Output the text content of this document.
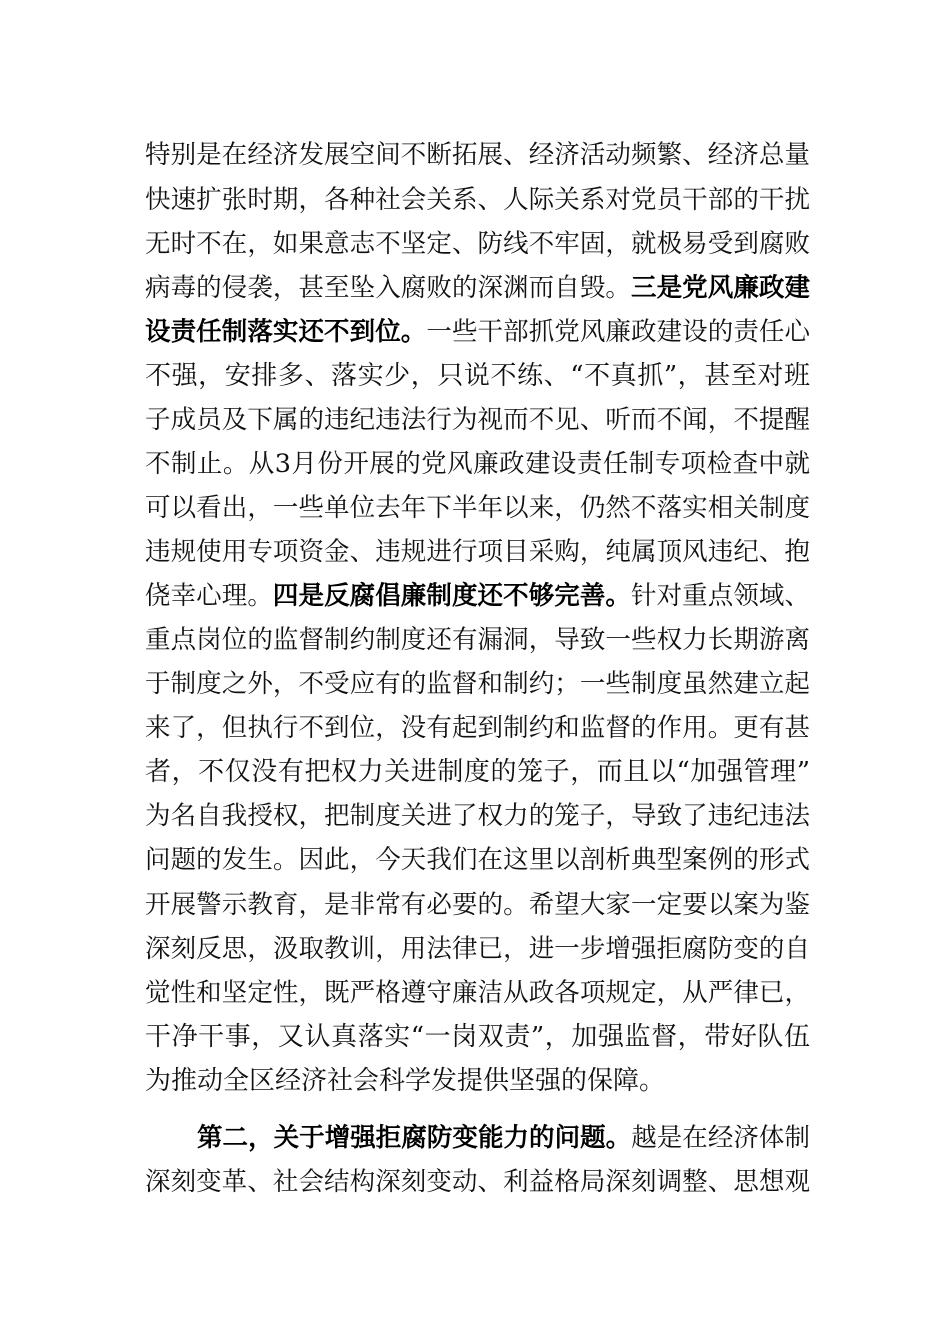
特别是在经济发展空间不断拓展、经济活动频繁、经济总量
快速扩张时期，各种社会关系、人际关系对党员干部的干扰
无时不在，如果意志不坚定、防线不牢固，就极易受到腐败
病毒的侵袭，甚至坠入腐败的深渊而自毁。三是党风廉政建
设责任制落实还不到位。一些干部抓党风廉政建设的责任心
不强，安排多、落实少，只说不练、“不真抓”，甚至对班
子成员及下属的违纪违法行为视而不见、听而不闻，不提醒
不制止。从3月份开展的党风廉政建设责任制专项检查中就
可以看出，一些单位去年下半年以来，仍然不落实相关制度
违规使用专项资金、违规进行项目采购，纯属顶风违纪、抱
侥幸心理。四是反腐倡廉制度还不够完善。针对重点领域、
重点岗位的监督制约制度还有漏洞，导致一些权力长期游离
于制度之外，不受应有的监督和制约；一些制度虽然建立起
来了，但执行不到位，没有起到制约和监督的作用。更有甚
者，不仅没有把权力关进制度的笼子，而且以“加强管理”
为名自我授权，把制度关进了权力的笼子，导致了违纪违法
问题的发生。因此，今天我们在这里以剖析典型案例的形式
开展警示教育，是非常有必要的。希望大家一定要以案为鉴
深刻反思，汲取教训，用法律已，进一步增强拒腐防变的自
觉性和坚定性，既严格遵守廉洁从政各项规定，从严律已，
干净干事，又认真落实“一岗双责”，加强监督，带好队伍
为推动全区经济社会科学发提供坚强的保障。
第二，关于增强拒腐防变能力的问题。越是在经济体制
深刻变革、社会结构深刻变动、利益格局深刻调整、思想观
